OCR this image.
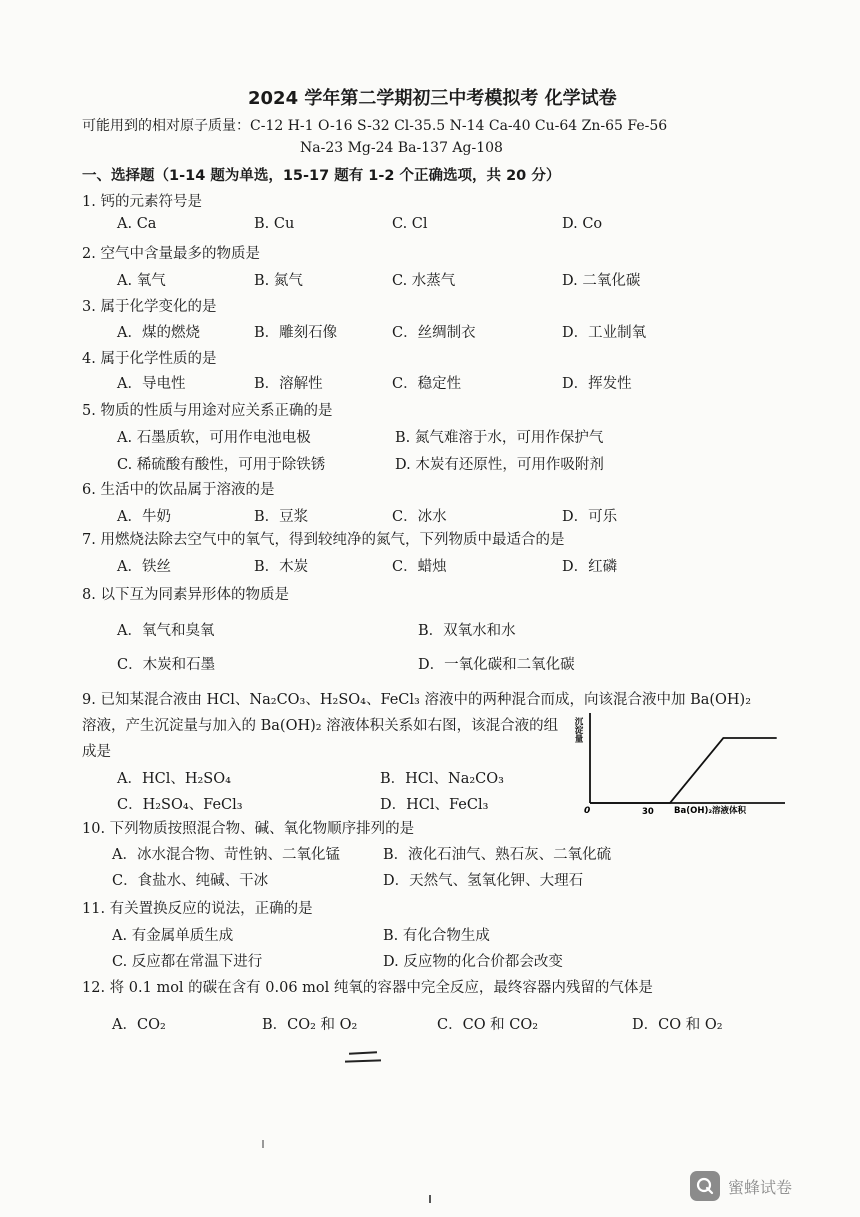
2024 学年第二学期初三中考模拟考 化学试卷
可能用到的相对原子质量：C-12 H-1 O-16 S-32 Cl-35.5 N-14 Ca-40 Cu-64 Zn-65 Fe-56
Na-23 Mg-24 Ba-137 Ag-108
一、选择题（1-14 题为单选，15-17 题有 1-2 个正确选项，共 20 分）
1. 钙的元素符号是
A. Ca	B. Cu	C. Cl	D. Co
2. 空气中含量最多的物质是
A. 氧气	B. 氮气	C. 水蒸气	D. 二氧化碳
3. 属于化学变化的是
A．煤的燃烧	B．雕刻石像	C．丝绸制衣	D．工业制氧
4. 属于化学性质的是
A．导电性	B．溶解性	C．稳定性	D．挥发性
5. 物质的性质与用途对应关系正确的是
A. 石墨质软，可用作电池电极	B. 氮气难溶于水，可用作保护气
C. 稀硫酸有酸性，可用于除铁锈	D. 木炭有还原性，可用作吸附剂
6. 生活中的饮品属于溶液的是
A．牛奶	B．豆浆	C．冰水	D．可乐
7. 用燃烧法除去空气中的氧气，得到较纯净的氮气，下列物质中最适合的是
A．铁丝	B．木炭	C．蜡烛	D．红磷
8. 以下互为同素异形体的物质是
A．氧气和臭氧	B．双氧水和水
C．木炭和石墨	D．一氧化碳和二氧化碳
9. 已知某混合液由 HCl、Na₂CO₃、H₂SO₄、FeCl₃ 溶液中的两种混合而成，向该混合液中加 Ba(OH)₂
溶液，产生沉淀量与加入的 Ba(OH)₂ 溶液体积关系如右图，该混合液的组
成是
A．HCl、H₂SO₄	B．HCl、Na₂CO₃
C．H₂SO₄、FeCl₃	D．HCl、FeCl₃
沉淀量
0	30 Ba(OH)₂溶液体积
10. 下列物质按照混合物、碱、氧化物顺序排列的是
A．冰水混合物、苛性钠、二氧化锰	B．液化石油气、熟石灰、二氧化硫
C．食盐水、纯碱、干冰	D．天然气、氢氧化钾、大理石
11. 有关置换反应的说法，正确的是
A. 有金属单质生成	B. 有化合物生成
C. 反应都在常温下进行	D. 反应物的化合价都会改变
12. 将 0.1 mol 的碳在含有 0.06 mol 纯氧的容器中完全反应，最终容器内残留的气体是
A．CO₂	B．CO₂ 和 O₂	C．CO 和 CO₂	D．CO 和 O₂
蜜蜂试卷
